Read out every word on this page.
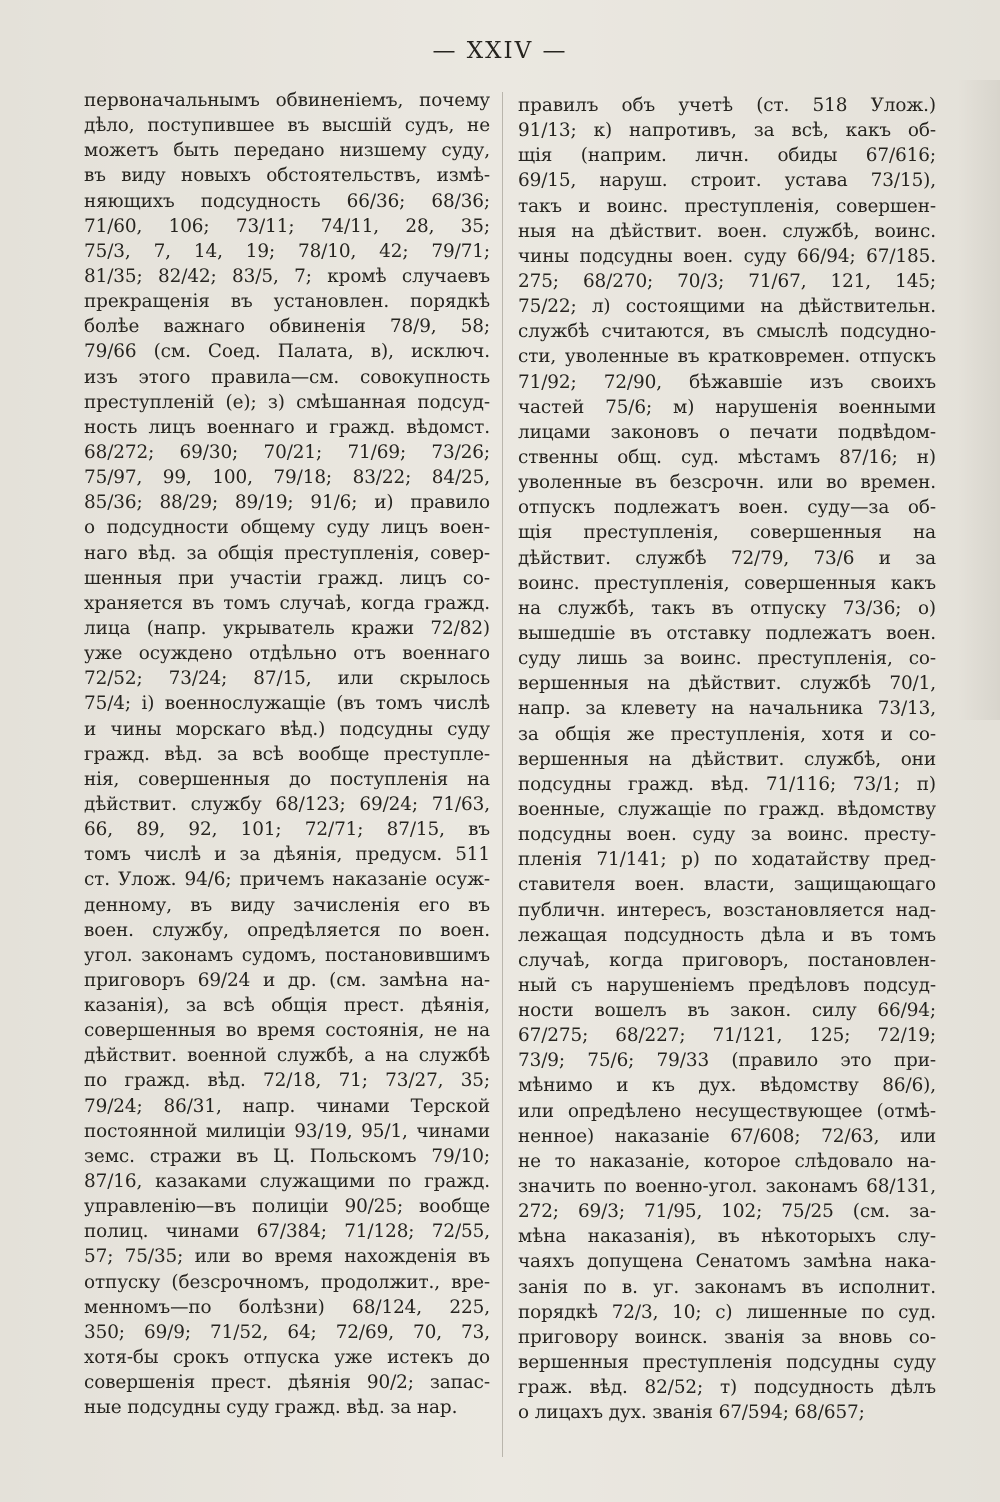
— XXIV —
первоначальнымъ обвиненіемъ, почему
дѣло, поступившее въ высшій судъ, не
можетъ быть передано низшему суду,
въ виду новыхъ обстоятельствъ, измѣ-
няющихъ подсудность 66/36; 68/36;
71/60, 106; 73/11; 74/11, 28, 35;
75/3, 7, 14, 19; 78/10, 42; 79/71;
81/35; 82/42; 83/5, 7; кромѣ случаевъ
прекращенія въ установлен. порядкѣ
болѣе важнаго обвиненія 78/9, 58;
79/66 (см. Соед. Палата, в), исключ.
изъ этого правила—см. совокупность
преступленій (е); з) смѣшанная подсуд-
ность лицъ военнаго и гражд. вѣдомст.
68/272; 69/30; 70/21; 71/69; 73/26;
75/97, 99, 100, 79/18; 83/22; 84/25,
85/36; 88/29; 89/19; 91/6; и) правило
о подсудности общему суду лицъ воен-
наго вѣд. за общія преступленія, совер-
шенныя при участіи гражд. лицъ со-
храняется въ томъ случаѣ, когда гражд.
лица (напр. укрыватель кражи 72/82)
уже осуждено отдѣльно отъ военнаго
72/52; 73/24; 87/15, или скрылось
75/4; і) военнослужащіе (въ томъ числѣ
и чины морскаго вѣд.) подсудны суду
гражд. вѣд. за всѣ вообще преступле-
нія, совершенныя до поступленія на
дѣйствит. службу 68/123; 69/24; 71/63,
66, 89, 92, 101; 72/71; 87/15, въ
томъ числѣ и за дѣянія, предусм. 511
ст. Улож. 94/6; причемъ наказаніе осуж-
денному, въ виду зачисленія его въ
воен. службу, опредѣляется по воен.
угол. законамъ судомъ, постановившимъ
приговоръ 69/24 и др. (см. замѣна на-
казанія), за всѣ общія прест. дѣянія,
совершенныя во время состоянія, не на
дѣйствит. военной службѣ, а на службѣ
по гражд. вѣд. 72/18, 71; 73/27, 35;
79/24; 86/31, напр. чинами Терской
постоянной милиціи 93/19, 95/1, чинами
земс. стражи въ Ц. Польскомъ 79/10;
87/16, казаками служащими по гражд.
управленію—въ полиціи 90/25; вообще
полиц. чинами 67/384; 71/128; 72/55,
57; 75/35; или во время нахожденія въ
отпуску (безсрочномъ, продолжит., вре-
менномъ—по болѣзни) 68/124, 225,
350; 69/9; 71/52, 64; 72/69, 70, 73,
хотя-бы срокъ отпуска уже истекъ до
совершенія прест. дѣянія 90/2; запас-
ные подсудны суду гражд. вѣд. за нар.
правилъ объ учетѣ (ст. 518 Улож.)
91/13; к) напротивъ, за всѣ, какъ об-
щія (наприм. личн. обиды 67/616;
69/15, наруш. строит. устава 73/15),
такъ и воинс. преступленія, совершен-
ныя на дѣйствит. воен. службѣ, воинс.
чины подсудны воен. суду 66/94; 67/185.
275; 68/270; 70/3; 71/67, 121, 145;
75/22; л) состоящими на дѣйствительн.
службѣ считаются, въ смыслѣ подсудно-
сти, уволенные въ кратковремен. отпускъ
71/92; 72/90, бѣжавшіе изъ своихъ
частей 75/6; м) нарушенія военными
лицами законовъ о печати подвѣдом-
ственны общ. суд. мѣстамъ 87/16; н)
уволенные въ безсрочн. или во времен.
отпускъ подлежатъ воен. суду—за об-
щія преступленія, совершенныя на
дѣйствит. службѣ 72/79, 73/6 и за
воинс. преступленія, совершенныя какъ
на службѣ, такъ въ отпуску 73/36; о)
вышедшіе въ отставку подлежатъ воен.
суду лишь за воинс. преступленія, со-
вершенныя на дѣйствит. службѣ 70/1,
напр. за клевету на начальника 73/13,
за общія же преступленія, хотя и со-
вершенныя на дѣйствит. службѣ, они
подсудны гражд. вѣд. 71/116; 73/1; п)
военные, служащіе по гражд. вѣдомству
подсудны воен. суду за воинс. престу-
пленія 71/141; р) по ходатайству пред-
ставителя воен. власти, защищающаго
публичн. интересъ, возстановляется над-
лежащая подсудность дѣла и въ томъ
случаѣ, когда приговоръ, постановлен-
ный съ нарушеніемъ предѣловъ подсуд-
ности вошелъ въ закон. силу 66/94;
67/275; 68/227; 71/121, 125; 72/19;
73/9; 75/6; 79/33 (правило это при-
мѣнимо и къ дух. вѣдомству 86/6),
или опредѣлено несуществующее (отмѣ-
ненное) наказаніе 67/608; 72/63, или
не то наказаніе, которое слѣдовало на-
значить по военно-угол. законамъ 68/131,
272; 69/3; 71/95, 102; 75/25 (см. за-
мѣна наказанія), въ нѣкоторыхъ слу-
чаяхъ допущена Сенатомъ замѣна нака-
занія по в. уг. законамъ въ исполнит.
порядкѣ 72/3, 10; с) лишенные по суд.
приговору воинск. званія за вновь со-
вершенныя преступленія подсудны суду
граж. вѣд. 82/52; т) подсудность дѣлъ
о лицахъ дух. званія 67/594; 68/657;
